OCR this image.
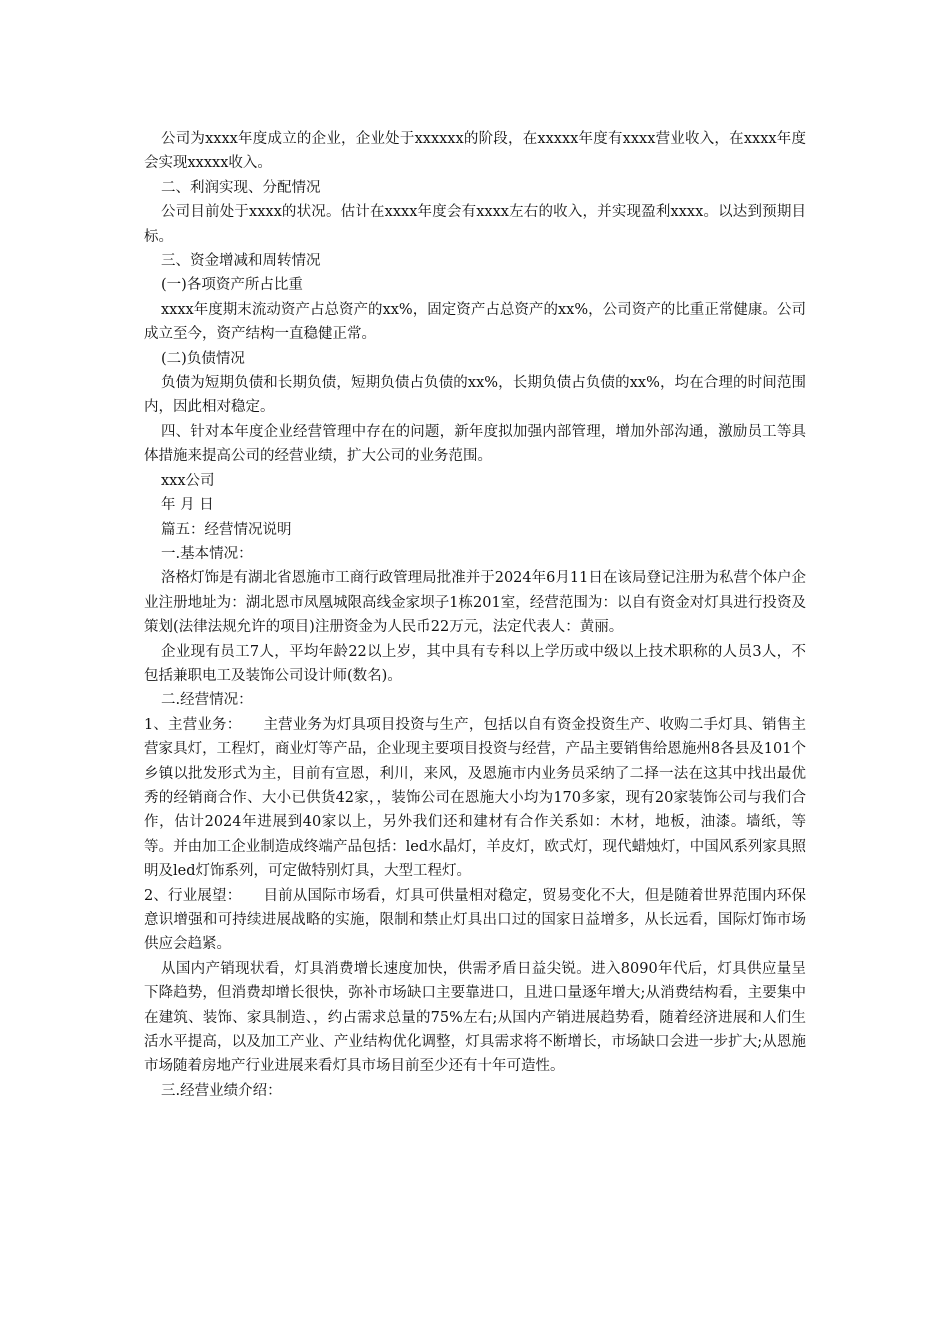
公司为xxxx年度成立的企业，企业处于xxxxxx的阶段，在xxxxx年度有xxxx营业收入，在xxxx年度会实现xxxxx收入。

二、利润实现、分配情况

公司目前处于xxxx的状况。估计在xxxx年度会有xxxx左右的收入，并实现盈利xxxx。以达到预期目标。

三、资金增减和周转情况

(一)各项资产所占比重

xxxx年度期末流动资产占总资产的xx%，固定资产占总资产的xx%，公司资产的比重正常健康。公司成立至今，资产结构一直稳健正常。

(二)负债情况

负债为短期负债和长期负债，短期负债占负债的xx%，长期负债占负债的xx%，均在合理的时间范围内，因此相对稳定。

四、针对本年度企业经营管理中存在的问题，新年度拟加强内部管理，增加外部沟通，激励员工等具体措施来提高公司的经营业绩，扩大公司的业务范围。

xxx公司

年 月 日

篇五：经营情况说明

一.基本情况：

洛格灯饰是有湖北省恩施市工商行政管理局批准并于2024年6月11日在该局登记注册为私营个体户企业注册地址为：湖北恩市凤凰城限高线金家坝子1栋201室，经营范围为：以自有资金对灯具进行投资及策划(法律法规允许的项目)注册资金为人民币22万元，法定代表人：黄丽。

企业现有员工7人，平均年龄22以上岁，其中具有专科以上学历或中级以上技术职称的人员3人，不包括兼职电工及装饰公司设计师(数名)。

二.经营情况：

1、主营业务：　　主营业务为灯具项目投资与生产，包括以自有资金投资生产、收购二手灯具、销售主营家具灯，工程灯，商业灯等产品，企业现主要项目投资与经营，产品主要销售给恩施州8各县及101个乡镇以批发形式为主，目前有宣恩，利川，来风，及恩施市内业务员采纳了二择一法在这其中找出最优秀的经销商合作、大小已供货42家，，装饰公司在恩施大小均为170多家，现有20家装饰公司与我们合作，估计2024年进展到40家以上，另外我们还和建材有合作关系如：木材，地板，油漆。墙纸，等等。并由加工企业制造成终端产品包括：led水晶灯，羊皮灯，欧式灯，现代蜡烛灯，中国风系列家具照明及led灯饰系列，可定做特别灯具，大型工程灯。

2、行业展望：　　目前从国际市场看，灯具可供量相对稳定，贸易变化不大，但是随着世界范围内环保意识增强和可持续进展战略的实施，限制和禁止灯具出口过的国家日益增多，从长远看，国际灯饰市场供应会趋紧。

从国内产销现状看，灯具消费增长速度加快，供需矛盾日益尖锐。进入8090年代后，灯具供应量呈下降趋势，但消费却增长很快，弥补市场缺口主要靠进口，且进口量逐年增大;从消费结构看，主要集中在建筑、装饰、家具制造、，约占需求总量的75%左右;从国内产销进展趋势看，随着经济进展和人们生活水平提高，以及加工产业、产业结构优化调整，灯具需求将不断增长，市场缺口会进一步扩大;从恩施市场随着房地产行业进展来看灯具市场目前至少还有十年可造性。

三.经营业绩介绍：
